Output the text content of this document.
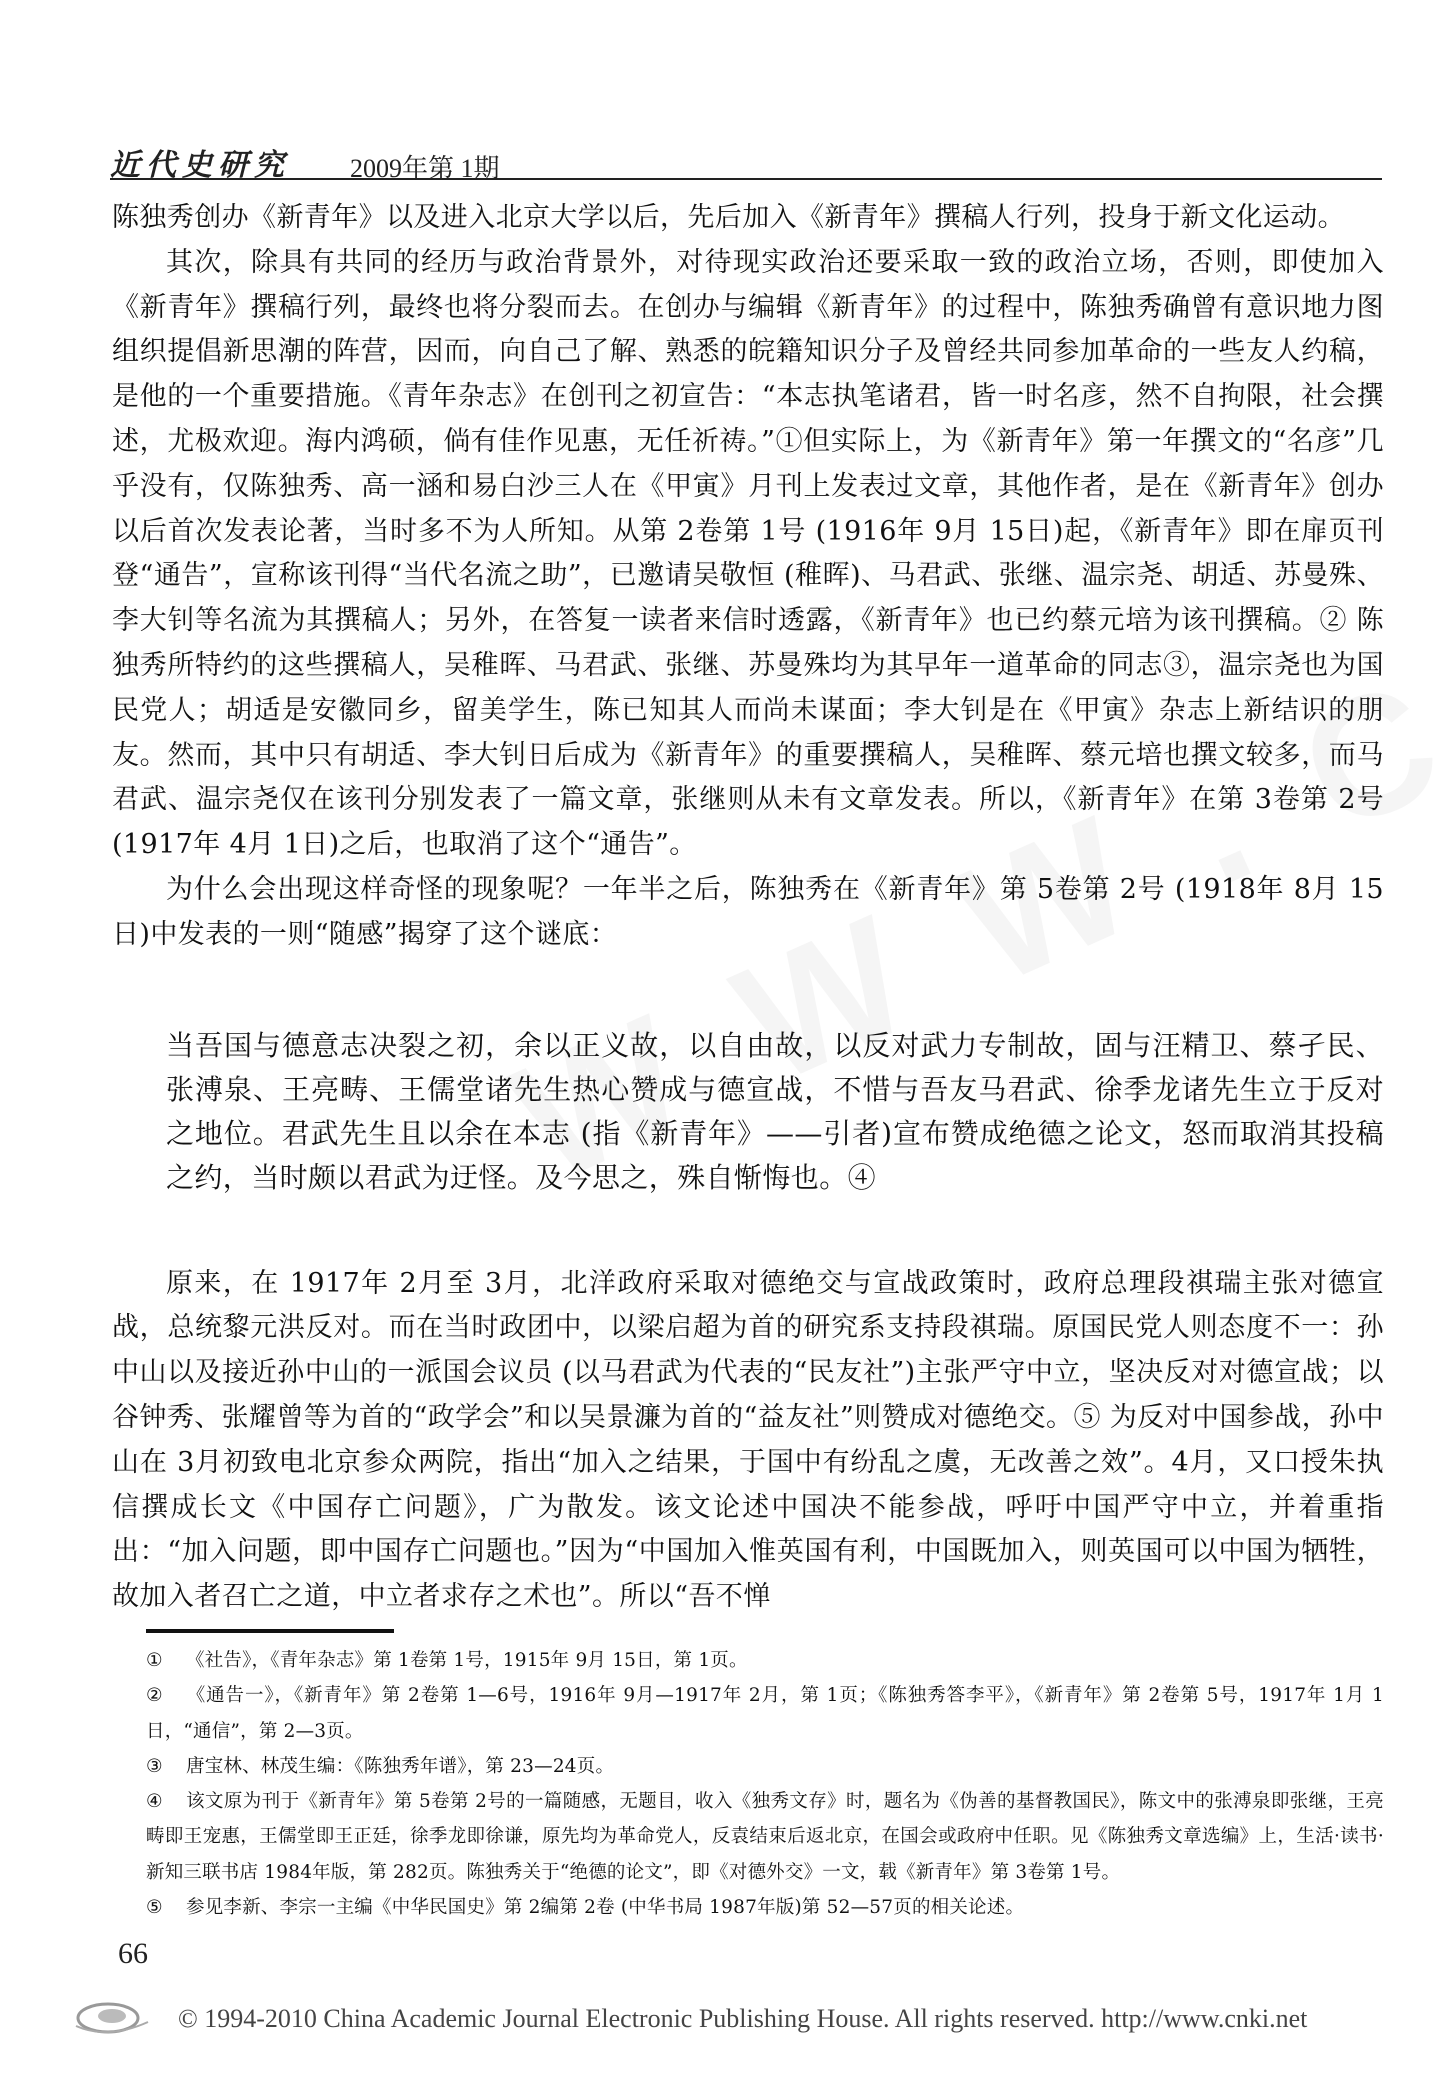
近代史研究 2009年第 1期

陈独秀创办《新青年》以及进入北京大学以后，先后加入《新青年》撰稿人行列，投身于新文化运动。

其次，除具有共同的经历与政治背景外，对待现实政治还要采取一致的政治立场，否则，即使加入《新青年》撰稿行列，最终也将分裂而去。在创办与编辑《新青年》的过程中，陈独秀确曾有意识地力图组织提倡新思潮的阵营，因而，向自己了解、熟悉的皖籍知识分子及曾经共同参加革命的一些友人约稿，是他的一个重要措施。《青年杂志》在创刊之初宣告：“本志执笔诸君，皆一时名彦，然不自拘限，社会撰述，尤极欢迎。海内鸿硕，倘有佳作见惠，无任祈祷。”①但实际上，为《新青年》第一年撰文的“名彦”几乎没有，仅陈独秀、高一涵和易白沙三人在《甲寅》月刊上发表过文章，其他作者，是在《新青年》创办以后首次发表论著，当时多不为人所知。从第 2卷第 1号 (1916年 9月 15日)起，《新青年》即在扉页刊登“通告”，宣称该刊得“当代名流之助”，已邀请吴敬恒 (稚晖)、马君武、张继、温宗尧、胡适、苏曼殊、李大钊等名流为其撰稿人；另外，在答复一读者来信时透露，《新青年》也已约蔡元培为该刊撰稿。② 陈独秀所特约的这些撰稿人，吴稚晖、马君武、张继、苏曼殊均为其早年一道革命的同志③，温宗尧也为国民党人；胡适是安徽同乡，留美学生，陈已知其人而尚未谋面；李大钊是在《甲寅》杂志上新结识的朋友。然而，其中只有胡适、李大钊日后成为《新青年》的重要撰稿人，吴稚晖、蔡元培也撰文较多，而马君武、温宗尧仅在该刊分别发表了一篇文章，张继则从未有文章发表。所以，《新青年》在第 3卷第 2号 (1917年 4月 1日)之后，也取消了这个“通告”。

为什么会出现这样奇怪的现象呢？一年半之后，陈独秀在《新青年》第 5卷第 2号 (1918年 8月 15日)中发表的一则“随感”揭穿了这个谜底：

当吾国与德意志决裂之初，余以正义故，以自由故，以反对武力专制故，固与汪精卫、蔡孑民、张溥泉、王亮畴、王儒堂诸先生热心赞成与德宣战，不惜与吾友马君武、徐季龙诸先生立于反对之地位。君武先生且以余在本志 (指《新青年》——引者)宣布赞成绝德之论文，怒而取消其投稿之约，当时颇以君武为迂怪。及今思之，殊自惭悔也。④

原来，在 1917年 2月至 3月，北洋政府采取对德绝交与宣战政策时，政府总理段祺瑞主张对德宣战，总统黎元洪反对。而在当时政团中，以梁启超为首的研究系支持段祺瑞。原国民党人则态度不一：孙中山以及接近孙中山的一派国会议员 (以马君武为代表的“民友社”)主张严守中立，坚决反对对德宣战；以谷钟秀、张耀曾等为首的“政学会”和以吴景濂为首的“益友社”则赞成对德绝交。⑤ 为反对中国参战，孙中山在 3月初致电北京参众两院，指出“加入之结果，于国中有纷乱之虞，无改善之效”。4月，又口授朱执信撰成长文《中国存亡问题》，广为散发。该文论述中国决不能参战，呼吁中国严守中立，并着重指出：“加入问题，即中国存亡问题也。”因为“中国加入惟英国有利，中国既加入，则英国可以中国为牺牲，故加入者召亡之道，中立者求存之术也”。所以“吾不惮

① 《社告》，《青年杂志》第 1卷第 1号，1915年 9月 15日，第 1页。
② 《通告一》，《新青年》第 2卷第 1—6号，1916年 9月—1917年 2月，第 1页；《陈独秀答李平》，《新青年》第 2卷第 5号，1917年 1月 1日，“通信”，第 2—3页。
③ 唐宝林、林茂生编：《陈独秀年谱》，第 23—24页。
④ 该文原为刊于《新青年》第 5卷第 2号的一篇随感，无题目，收入《独秀文存》时，题名为《伪善的基督教国民》，陈文中的张溥泉即张继，王亮畴即王宠惠，王儒堂即王正廷，徐季龙即徐谦，原先均为革命党人，反袁结束后返北京，在国会或政府中任职。见《陈独秀文章选编》上，生活·读书·新知三联书店 1984年版，第 282页。陈独秀关于“绝德的论文”，即《对德外交》一文，载《新青年》第 3卷第 1号。
⑤ 参见李新、李宗一主编《中华民国史》第 2编第 2卷 (中华书局 1987年版)第 52—57页的相关论述。
66
© 1994-2010 China Academic Journal Electronic Publishing House. All rights reserved. http://www.cnki.net
